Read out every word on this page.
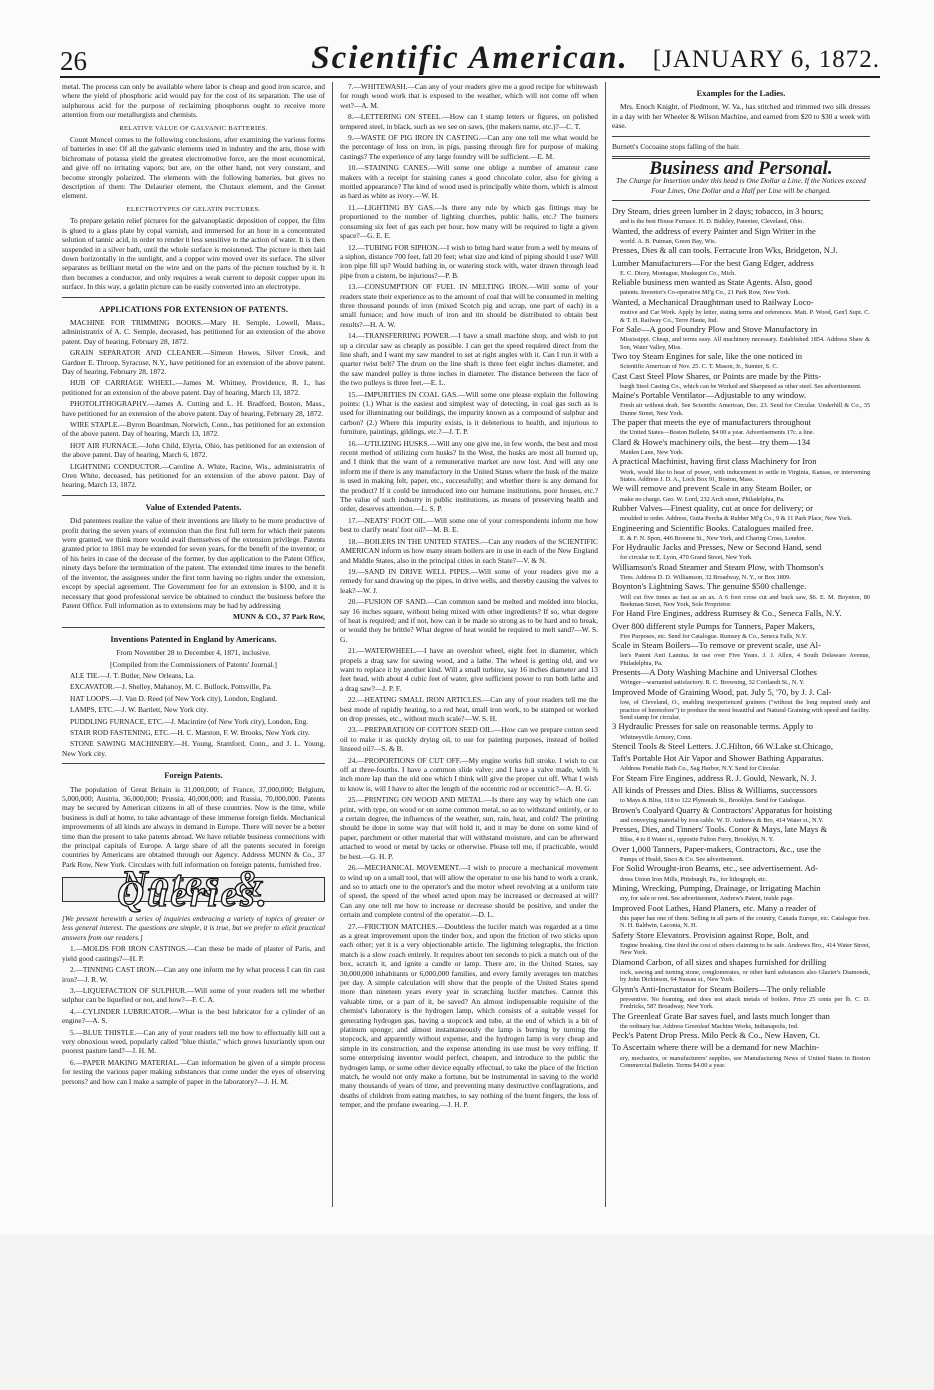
26	Scientific American. [JANUARY 6, 1872.

metal. The process can only be available where labor is cheap and good iron scarce, and where the yield of phosphoric acid would pay for the cost of its separation. The use of sulphurous acid for the purpose of reclaiming phosphorus ought to receive more attention from our metallurgists and chemists.

RELATIVE VALUE OF GALVANIC BATTERIES.

Count Moncel comes to the following conclusions, after examining the various forms of batteries in use: Of all the galvanic elements used in industry and the arts, those with bichromate of potassa yield the greatest electromotive force, are the most economical, and give off no irritating vapors; but are, on the other hand, not very constant, and become strongly polarized. The elements with the following batteries, but gives no description of them: The Delaurier element, the Chutaux element, and the Grenet element.

ELECTROTYPES OF GELATIN PICTURES.

To prepare gelatin relief pictures for the galvanoplastic deposition of copper, the film is glued to a glass plate by copal varnish, and immersed for an hour in a concentrated solution of tannic acid, in order to render it less sensitive to the action of water. It is then suspended in a silver bath, until the whole surface is moistened. The picture is then laid down horizontally in the sunlight, and a copper wire moved over its surface. The silver separates as brilliant metal on the wire and on the parts of the picture touched by it. It then becomes a conductor, and only requires a weak current to deposit copper upon its surface. In this way, a gelatin picture can be easily converted into an electrotype.

APPLICATIONS FOR EXTENSION OF PATENTS.

MACHINE FOR TRIMMING BOOKS.—Mary H. Semple, Lowell, Mass., administratrix of A. C. Semple, deceased, has petitioned for an extension of the above patent. Day of hearing, February 28, 1872.

GRAIN SEPARATOR AND CLEANER.—Simeon Howes, Silver Creek, and Gardner E. Throop, Syracuse, N.Y., have petitioned for an extension of the above patent. Day of hearing, February 28, 1872.

HUB OF CARRIAGE WHEEL.—James M. Whitney, Providence, R. I., has petitioned for an extension of the above patent. Day of hearing, March 13, 1872.

PHOTOLITHOGRAPHY.—James A. Cutting and L. H. Bradford, Boston, Mass., have petitioned for an extension of the above patent. Day of hearing, February 28, 1872.

WIRE STAPLE.—Byron Boardman, Norwich, Conn., has petitioned for an extension of the above patent. Day of hearing, March 13, 1872.

HOT AIR FURNACE.—John Child, Elyria, Ohio, has petitioned for an extension of the above patent. Day of hearing, March 6, 1872.

LIGHTNING CONDUCTOR.—Caroline A. White, Racine, Wis., administratrix of Oren White, deceased, has petitioned for an extension of the above patent. Day of hearing, March 13, 1872.

Value of Extended Patents.

Did patentees realize the value of their inventions are likely to be more productive of profit during the seven years of extension than the first full term for which their patents were granted, we think more would avail themselves of the extension privilege. Patents granted prior to 1861 may be extended for seven years, for the benefit of the inventor, or of his heirs in case of the decease of the former, by due application to the Patent Office, ninety days before the termination of the patent. The extended time inures to the benefit of the inventor, the assignees under the first term having no rights under the extension, except by special agreement. The Government fee for an extension is $100, and it is necessary that good professional service be obtained to conduct the business before the Patent Office. Full information as to extensions may be had by addressing

MUNN & CO., 37 Park Row,
Inventions Patented in England by Americans.

From November 28 to December 4, 1871, inclusive.

[Compiled from the Commissioners of Patents' Journal.]

ALE TIE.—J. T. Butler, New Orleans, La.

EXCAVATOR.—J. Shelley, Mahanoy, M. C. Bullock, Pottsville, Pa.

HAT LOOPS.—J. Van D. Reed (of New York city), London, England.

LAMPS, ETC.—J. W. Bartlett, New York city.

PUDDLING FURNACE, ETC.—J. Macintire (of New York city), London, Eng.

STAIR ROD FASTENING, ETC.—H. C. Marston, F. W. Brooks, New York city.

STONE SAWING MACHINERY.—H. Young, Stamford, Conn., and J. L. Young, New York city.

Foreign Patents.

The population of Great Britain is 31,000,000; of France, 37,000,000; Belgium, 5,000,000; Austria, 36,000,000; Prussia, 40,000,000; and Russia, 70,000,000. Patents may be secured by American citizens in all of these countries. Now is the time, while business is dull at home, to take advantage of these immense foreign fields. Mechanical improvements of all kinds are always in demand in Europe. There will never be a better time than the present to take patents abroad. We have reliable business connections with the principal capitals of Europe. A large share of all the patents secured in foreign countries by Americans are obtained through our Agency. Address MUNN & Co., 37 Park Row, New York. Circulars with full information on foreign patents, furnished free.

Notes & Queries.

[We present herewith a series of inquiries embracing a variety of topics of greater or less general interest. The questions are simple, it is true, but we prefer to elicit practical answers from our readers.]

1.—MOLDS FOR IRON CASTINGS.—Can these be made of plaster of Paris, and yield good castings?—H. P.

2.—TINNING CAST IRON.—Can any one inform me by what process I can tin cast iron?—J. R. W.

3.—LIQUEFACTION OF SULPHUR.—Will some of your readers tell me whether sulphur can be liquefied or not, and how?—F. C. A.

4.—CYLINDER LUBRICATOR.—What is the best lubricator for a cylinder of an engine?—A. S.

5.—BLUE THISTLE.—Can any of your readers tell me how to effectually kill out a very obnoxious weed, popularly called "blue thistle," which grows luxuriantly upon our poorest pasture land?—J. H. M.

6.—PAPER MAKING MATERIAL.—Can information be given of a simple process for testing the various paper making substances that come under the eyes of observing persons? and how can I make a sample of paper in the laboratory?—J. H. M.

7.—WHITEWASH.—Can any of your readers give me a good recipe for whitewash for rough wood work that is exposed to the weather, which will not come off when wet?—A. M.

8.—LETTERING ON STEEL.—How can I stamp letters or figures, on polished tempered steel, in black, such as we see on saws, (the makers name, etc.)?—C. T.

9.—WASTE OF PIG IRON IN CASTING.—Can any one tell me what would be the percentage of loss on iron, in pigs, passing through fire for purpose of making castings? The experience of any large foundry will be sufficient.—E. M.

10.—STAINING CANES.—Will some one oblige a number of amateur cane makers with a receipt for staining canes a good chocolate color, also for giving a mottled appearance? The kind of wood used is principally white thorn, which is almost as hard as white as ivory.—W. H.

11.—LIGHTING BY GAS.—Is there any rule by which gas fittings may be proportioned to the number of lighting churches, public halls, etc.? The burners consuming six feet of gas each per hour, how many will be required to light a given space?—G. E. E.

12.—TUBING FOR SIPHON.—I wish to bring hard water from a well by means of a siphon, distance 700 feet, fall 20 feet; what size and kind of piping should I use? Will iron pipe fill up? Would bathing in, or watering stock with, water drawn through lead pipe from a cistern, be injurious?—P. B.

13.—CONSUMPTION OF FUEL IN MELTING IRON.—Will some of your readers state their experience as to the amount of coal that will be consumed in melting three thousand pounds of iron (mixed Scotch pig and scrap, one part of each) in a small furnace; and how much of iron and tin should be distributed to obtain best results?—H. A. W.

14.—TRANSFERRING POWER.—I have a small machine shop, and wish to put up a circular saw as cheaply as possible. I can get the speed required direct from the line shaft, and I want my saw mandrel to set at right angles with it. Can I run it with a quarter twist belt? The drum on the line shaft is three feet eight inches diameter, and the saw mandrel pulley is three inches in diameter. The distance between the face of the two pulleys is three feet.—E. L.

15.—IMPURITIES IN COAL GAS.—Will some one please explain the following points: (1.) What is the easiest and simplest way of detecting, in coal gas such as is used for illuminating our buildings, the impurity known as a compound of sulphur and carbon? (2.) Where this impurity exists, is it deleterious to health, and injurious to furniture, paintings, gildings, etc.?—J. T. P.

16.—UTILIZING HUSKS.—Will any one give me, in few words, the best and most recent method of utilizing corn husks? In the West, the husks are most all burned up, and I think that the want of a remunerative market are now lost. And will any one inform me if there is any manufactory in the United States where the husk of the maize is used in making felt, paper, etc., successfully; and whether there is any demand for the product? If it could be introduced into our humane institutions, poor houses, etc.? The value of such industry in public institutions, as means of preserving health and order, deserves attention.—L. S. P.

17.—NEATS' FOOT OIL.—Will some one of your correspondents inform me how best to clarify neats' foot oil?—M. B. E.

18.—BOILERS IN THE UNITED STATES.—Can any readers of the SCIENTIFIC AMERICAN inform us how many steam boilers are in use in each of the New England and Middle States, also in the principal cities in each State?—V. & N.

19.—SAND IN DRIVE WELL PIPES.—Will some of your readers give me a remedy for sand drawing up the pipes, in drive wells, and thereby causing the valves to leak?—W. J.

20.—FUSION OF SAND.—Can common sand be melted and molded into blocks, say 16 inches square, without being mixed with other ingredients? If so, what degree of heat is required; and if not, how can it be made so strong as to be hard and to break, or would they be brittle? What degree of heat would be required to melt sand?—W. S. G.

21.—WATERWHEEL.—I have an overshot wheel, eight feet in diameter, which propels a drag saw for sawing wood, and a lathe. The wheel is getting old, and we want to replace it by another kind. Will a small turbine, say 16 inches diameter and 13 feet head, with about 4 cubic feet of water, give sufficient power to run both lathe and a drag saw?—J. P. F.

22.—HEATING SMALL IRON ARTICLES.—Can any of your readers tell me the best mode of rapidly heating, to a red heat, small iron work, to be stamped or worked on drop presses, etc., without much scale?—W. S. H.

23.—PREPARATION OF COTTON SEED OIL.—How can we prepare cotton seed oil to make it as quickly drying oil, to use for painting purposes, instead of boiled linseed oil?—S. & B.

24.—PROPORTIONS OF CUT OFF.—My engine works full stroke. I wish to cut off at three-fourths. I have a common slide valve; and I have a valve made, with ¾ inch more lap than the old one which I think will give the proper cut off. What I wish to know is, will I have to alter the length of the eccentric rod or eccentric?—A. H. G.

25.—PRINTING ON WOOD AND METAL.—Is there any way by which one can print, with type, on wood or on some common metal, so as to withstand entirely, or to a certain degree, the influences of the weather, sun, rain, heat, and cold? The printing should be done in some way that will hold it, and it may be done on some kind of paper, parchment or other material that will withstand moisture, and can be afterward attached to wood or metal by tacks or otherwise. Please tell me, if practicable, would be best.—G. H. P.

26.—MECHANICAL MOVEMENT.—I wish to procure a mechanical movement to wind up on a small tool, that will allow the operator to use his hand to work a crank, and so to attach one to the operator's and the motor wheel revolving at a uniform rate of speed, the speed of the wheel acted upon may be increased or decreased at will? Can any one tell me how to increase or decrease should be positive, and under the certain and complete control of the operator.—D. L.

27.—FRICTION MATCHES.—Doubtless the lucifer match was regarded at a time as a great improvement upon the tinder box, and upon the friction of two sticks upon each other; yet it is a very objectionable article. The lightning telegraphs, the friction match is a slow coach entirely. It requires about ten seconds to pick a match out of the box, scratch it, and ignite a candle or lamp. There are, in the United States, say 30,000,000 inhabitants or 6,000,000 families, and every family averages ten matches per day. A simple calculation will show that the people of the United States spend more than nineteen years every year in scratching lucifer matches. Cannot this valuable time, or a part of it, be saved? An almost indispensable requisite of the chemist's laboratory is the hydrogen lamp, which consists of a suitable vessel for generating hydrogen gas, having a stopcock and tube, at the end of which is a bit of platinum sponge; and almost instantaneously the lamp is burning by turning the stopcock, and apparently without expense, and the hydrogen lamp is very cheap and simple in its construction, and the expense attending its use must be very trifling. If some enterprising inventor would perfect, cheapen, and introduce to the public the hydrogen lamp, or some other device equally effectual, to take the place of the friction match, he would not only make a fortune, but be instrumental in saving to the world many thousands of years of time, and preventing many destructive conflagrations, and deaths of children from eating matches, to say nothing of the burnt fingers, the loss of temper, and the profane swearing.—J. H. P.

Examples for the Ladies.

Mrs. Enoch Knight, of Piedmont, W. Va., has stitched and trimmed two silk dresses in a day with her Wheeler & Wilson Machine, and earned from $20 to $30 a week with ease.

Burnett's Cocoaine stops falling of the hair.

Business and Personal.

The Charge for Insertion under this head is One Dollar a Line. If the Notices exceed Four Lines, One Dollar and a Half per Line will be charged.

Dry Steam, dries green lumber in 2 days; tobacco, in 3 hours;

and is the best House Furnace. H. D. Bulkley, Patentee, Cleveland, Ohio.

Wanted, the address of every Painter and Sign Writer in the

world. A. B. Putman, Green Bay, Wis.

Presses, Dies & all can tools. Ferracute Iron Wks, Bridgeton, N.J.

Lumber Manufacturers—For the best Gang Edger, address

E. C. Dicey, Montague, Muskegon Co., Mich.

Reliable business men wanted as State Agents. Also, good

patents. Inventor's Co-operative Mf'g Co., 21 Park Row, New York.

Wanted, a Mechanical Draughtman used to Railway Loco-

motive and Car Work. Apply by letter, stating terms and references. Matt. P. Wood, Gen'l Supt. C. & T. H. Railway Co., Terre Haute, Ind.

For Sale—A good Foundry Plow and Stove Manufactory in

Mississippi. Cheap, and terms easy. All machinery necessary. Established 1854. Address Shaw & Son, Water Valley, Miss.

Two toy Steam Engines for sale, like the one noticed in

Scientific American of Nov. 25. C. T. Mason, Jr., Sumter, S. C.

Cast Cast Steel Plow Shares, or Points are made by the Pitts-

burgh Steel Casting Co., which can be Worked and Sharpened as other steel. See advertisement.

Maine's Portable Ventilator—Adjustable to any window.

Fresh air without draft. See Scientific American, Dec. 23. Send for Circular. Underhill & Co., 35 Dunne Street, New York.

The paper that meets the eye of manufacturers throughout

the United States—Boston Bulletin, $4 00 a year. Advertisements 17c. a line.

Clard & Howe's machinery oils, the best—try them—134

Maiden Lane, New York.

A practical Machinist, having first class Machinery for Iron

Work, would like to hear of power, with inducement to settle in Virginia, Kansas, or intervening States. Address J. D. A., Lock Box 91, Boston, Mass.

We will remove and prevent Scale in any Steam Boiler, or

make no charge. Geo. W. Lord, 232 Arch street, Philadelphia, Pa.

Rubber Valves—Finest quality, cut at once for delivery; or

moulded to order. Address, Gutta Percha & Rubber Mf'g Co., 9 & 11 Park Place, New York.

Engineering and Scientific Books. Catalogues mailed free.

E. & F. N. Spon, 446 Broome St., New York, and Charing Cross, London.

For Hydraulic Jacks and Presses, New or Second Hand, send

for circular to E. Lyon, 470 Grand Street, New York.

Williamson's Road Steamer and Steam Plow, with Thomson's

Tires. Address D. D. Williamson, 32 Broadway, N. Y., or Box 1809.

Boynton's Lightning Saws. The genuine $500 challenge.

Will cut five times as fast as an ax. A 6 foot cross cut and buck saw, $6. E. M. Boynton, 80 Beekman Street, New York, Sole Proprietor.

For Hand Fire Engines, address Rumsey & Co., Seneca Falls, N.Y.

Over 800 different style Pumps for Tanners, Paper Makers,

Fire Purposes, etc. Send for Catalogue. Rumsey & Co., Seneca Falls, N.Y.

Scale in Steam Boilers—To remove or prevent scale, use Al-

len's Patent Anti Lamina. In use over Five Years. J. J. Allen, 4 South Delaware Avenue, Philadelphia, Pa.

Presents—A Doty Washing Machine and Universal Clothes

Wringer—warranted satisfactory. R. C. Browning, 32 Cortlandt St., N. Y.

Improved Mode of Graining Wood, pat. July 5, '70, by J. J. Cal-

low, of Cleveland, O., enabling inexperienced grainers ("without the long required study and practice of heretofore") to produce the most beautiful and Natural Graining with speed and facility. Send stamp for circular.

3 Hydraulic Presses for sale on reasonable terms. Apply to

Whitneyville Armory, Conn.

Stencil Tools & Steel Letters. J.C.Hilton, 66 W.Lake st.Chicago,

Taft's Portable Hot Air Vapor and Shower Bathing Apparatus.

Address Portable Bath Co., Sag Harbor, N.Y. Send for Circular.

For Steam Fire Engines, address R. J. Gould, Newark, N. J.

All kinds of Presses and Dies. Bliss & Williams, successors

to Mays & Bliss, 118 to 122 Plymouth St., Brooklyn. Send for Catalogue.

Brown's Coalyard Quarry & Contractors' Apparatus for hoisting

and conveying material by iron cable. W. D. Andrews & Bro, 414 Water st., N.Y.

Presses, Dies, and Tinners' Tools. Conor & Mays, late Mays &

Bliss, 4 to 8 Water st., opposite Fulton Ferry, Brooklyn, N. Y.

Over 1,000 Tanners, Paper-makers, Contractors, &c., use the

Pumps of Heald, Sisco & Co. See advertisement.

For Solid Wrought-iron Beams, etc., see advertisement. Ad-

dress Union Iron Mills, Pittsburgh, Pa., for lithograph, etc.

Mining, Wrecking, Pumping, Drainage, or Irrigating Machin

ery, for sale or rent. See advertisement, Andrew's Patent, inside page.

Improved Foot Lathes, Hand Planers, etc. Many a reader of

this paper has one of them. Selling in all parts of the country, Canada Europe, etc. Catalogue free. N. H. Baldwin, Laconia, N. H.

Safety Store Elevators. Provision against Rope, Bolt, and

Engine breaking. One third the cost of others claiming to be safe. Andrews Bro., 414 Water Street, New York.

Diamond Carbon, of all sizes and shapes furnished for drilling

rock, sawing and turning stone, conglomerates, or other hard substances also Glazier's Diamonds, by John Dickinson, 64 Nassau st., New York.

Glynn's Anti-Incrustator for Steam Boilers—The only reliable

preventive. No foaming, and does not attack metals of boilers. Price 25 cents per lb. C. D. Fredricks, 587 Broadway, New York.

The Greenleaf Grate Bar saves fuel, and lasts much longer than

the ordinary bar. Address Greenleaf Machine Works, Indianapolis, Ind.

Peck's Patent Drop Press. Milo Peck & Co., New Haven, Ct.

To Ascertain where there will be a demand for new Machin-

ery, mechanics, or manufacturers' supplies, see Manufacturing News of United States in Boston Commercial Bulletin. Terms $4.00 a year.
